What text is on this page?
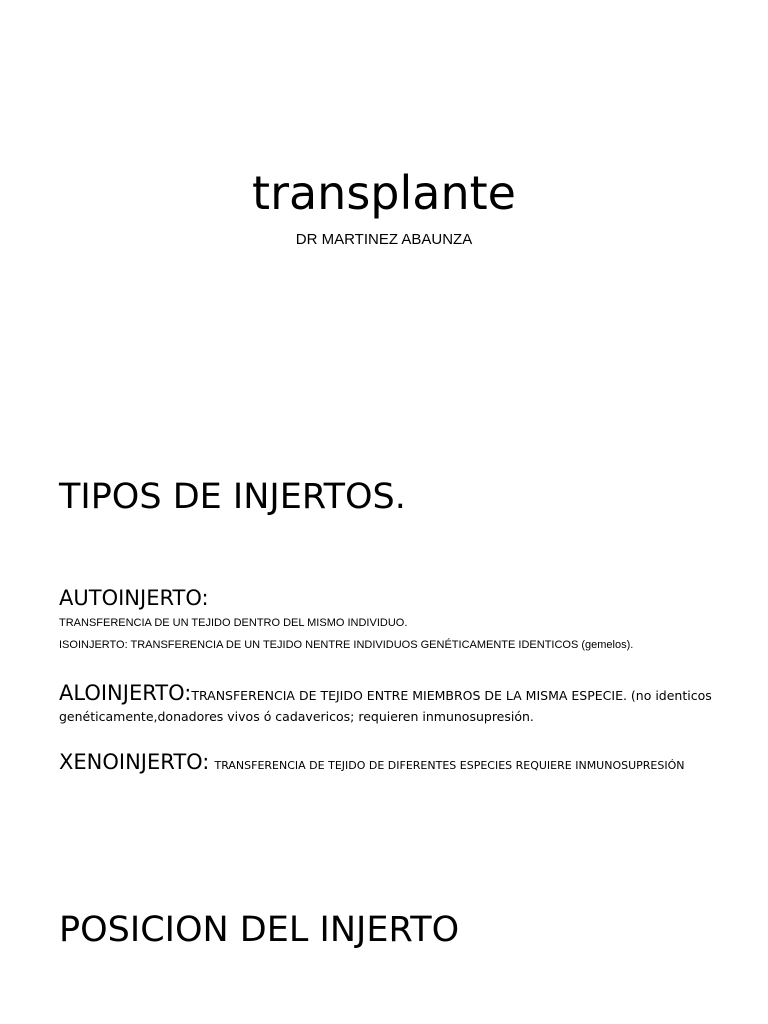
transplante
DR MARTINEZ ABAUNZA
TIPOS DE INJERTOS.
AUTOINJERTO:
TRANSFERENCIA DE UN TEJIDO DENTRO DEL MISMO INDIVIDUO.
ISOINJERTO: TRANSFERENCIA DE UN TEJIDO NENTRE INDIVIDUOS GENÉTICAMENTE IDENTICOS (gemelos).
ALOINJERTO:TRANSFERENCIA DE TEJIDO ENTRE MIEMBROS DE LA MISMA ESPECIE. (no identicos genéticamente,donadores vivos ó cadavericos; requieren inmunosupresión.
XENOINJERTO: TRANSFERENCIA DE TEJIDO DE DIFERENTES ESPECIES REQUIERE INMUNOSUPRESIÓN
POSICION DEL INJERTO
